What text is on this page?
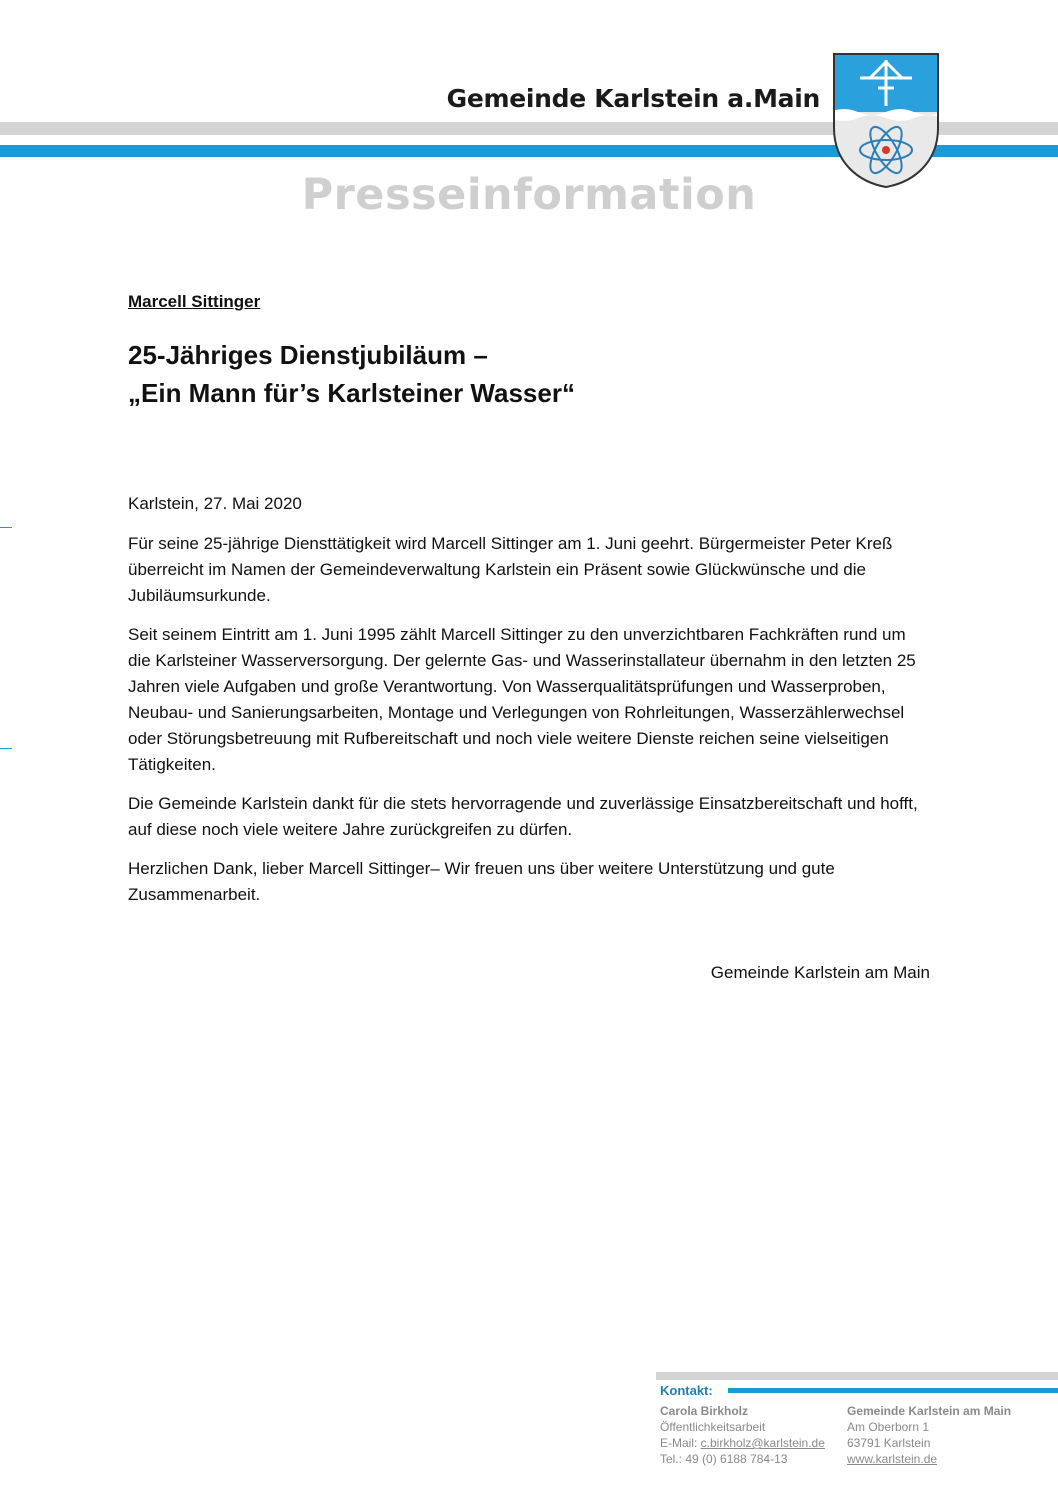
Gemeinde Karlstein a.Main
Presseinformation
Marcell Sittinger
25-Jähriges Dienstjubiläum –
„Ein Mann für’s Karlsteiner Wasser“
Karlstein, 27. Mai 2020
Für seine 25-jährige Diensttätigkeit wird Marcell Sittinger am 1. Juni geehrt. Bürgermeister Peter Kreß überreicht im Namen der Gemeindeverwaltung Karlstein ein Präsent sowie Glückwünsche und die Jubiläumsurkunde.
Seit seinem Eintritt am 1. Juni 1995 zählt Marcell Sittinger zu den unverzichtbaren Fachkräften rund um die Karlsteiner Wasserversorgung. Der gelernte Gas- und Wasserinstallateur übernahm in den letzten 25 Jahren viele Aufgaben und große Verantwortung. Von Wasserqualitätsprüfungen und Wasserproben, Neubau- und Sanierungsarbeiten, Montage und Verlegungen von Rohrleitungen, Wasserzählerwechsel oder Störungsbetreuung mit Rufbereitschaft und noch viele weitere Dienste reichen seine vielseitigen Tätigkeiten.
Die Gemeinde Karlstein dankt für die stets hervorragende und zuverlässige Einsatzbereitschaft und hofft, auf diese noch viele weitere Jahre zurückgreifen zu dürfen.
Herzlichen Dank, lieber Marcell Sittinger– Wir freuen uns über weitere Unterstützung und gute Zusammenarbeit.
Gemeinde Karlstein am Main
Kontakt:
Carola Birkholz
Öffentlichkeitsarbeit
E-Mail: c.birkholz@karlstein.de
Tel.: 49 (0) 6188 784-13
Gemeinde Karlstein am Main
Am Oberborn 1
63791 Karlstein
www.karlstein.de
